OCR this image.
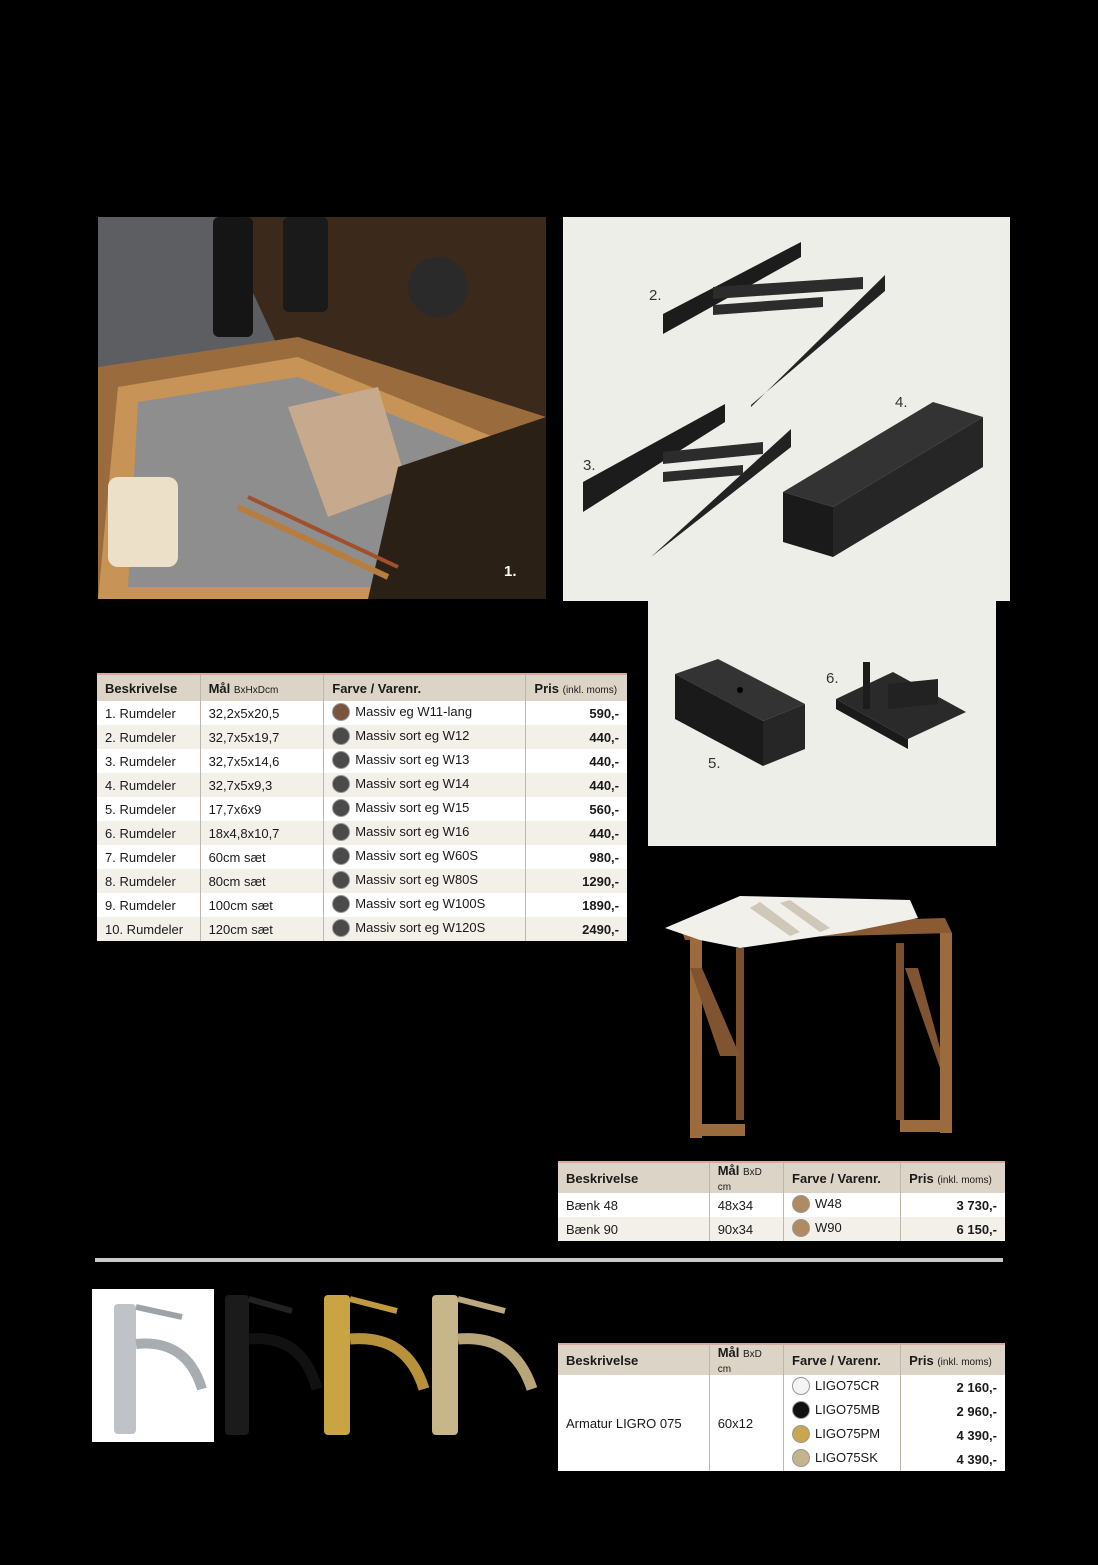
1.
2.
3.
4.
5.
6.
Beskrivelse	Mål BxHxDcm	Farve / Varenr.	Pris (inkl. moms)
1. Rumdeler	32,2x5x20,5	Massiv eg W11-lang	590,-
2. Rumdeler	32,7x5x19,7	Massiv sort eg W12	440,-
3. Rumdeler	32,7x5x14,6	Massiv sort eg W13	440,-
4. Rumdeler	32,7x5x9,3	Massiv sort eg W14	440,-
5. Rumdeler	17,7x6x9	Massiv sort eg W15	560,-
6. Rumdeler	18x4,8x10,7	Massiv sort eg W16	440,-
7. Rumdeler	60cm sæt	Massiv sort eg W60S	980,-
8. Rumdeler	80cm sæt	Massiv sort eg W80S	1290,-
9. Rumdeler	100cm sæt	Massiv sort eg W100S	1890,-
10. Rumdeler	120cm sæt	Massiv sort eg W120S	2490,-
Beskrivelse	Mål BxD cm	Farve / Varenr.	Pris (inkl. moms)
Bænk 48	48x34	W48	3 730,-
Bænk 90	90x34	W90	6 150,-
Beskrivelse	Mål BxD cm	Farve / Varenr.	Pris (inkl. moms)
Armatur LIGRO 075	60x12	LIGO75CR	2 160,-

		LIGO75MB	2 960,-

		LIGO75PM	4 390,-

		LIGO75SK	4 390,-
